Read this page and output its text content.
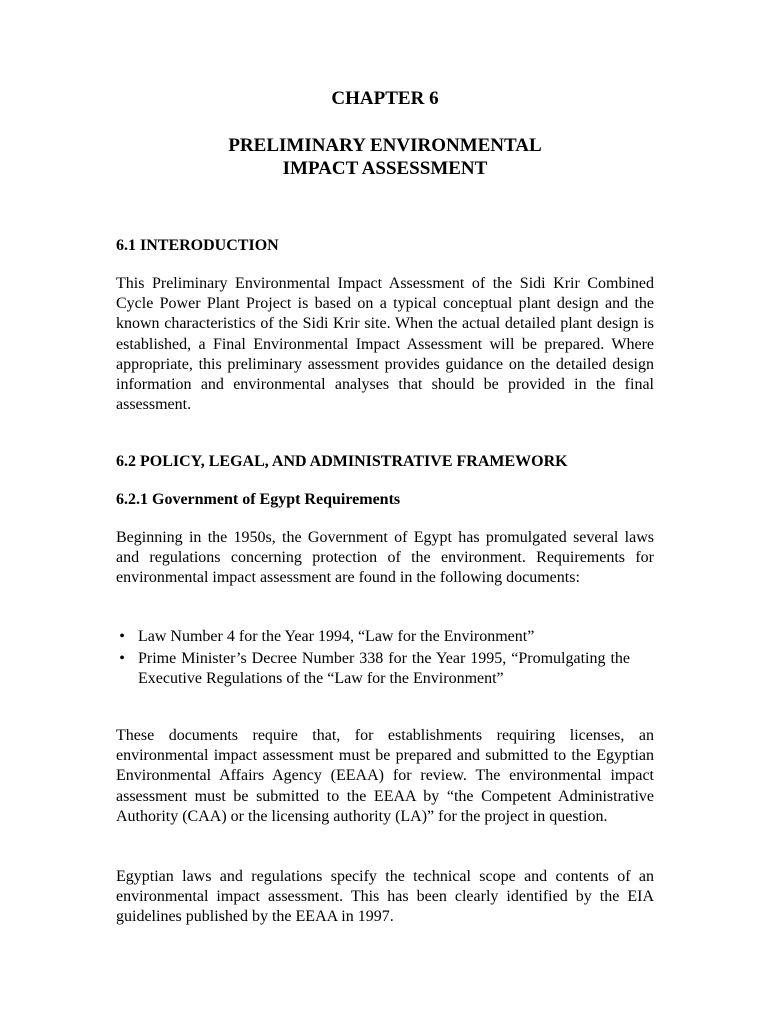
CHAPTER 6
PRELIMINARY ENVIRONMENTAL
IMPACT ASSESSMENT
6.1 INTERODUCTION

This Preliminary Environmental Impact Assessment of the Sidi Krir Combined Cycle Power Plant Project is based on a typical conceptual plant design and the known characteristics of the Sidi Krir site. When the actual detailed plant design is established, a Final Environmental Impact Assessment will be prepared. Where appropriate, this preliminary assessment provides guidance on the detailed design information and environmental analyses that should be provided in the final assessment.

6.2 POLICY, LEGAL, AND ADMINISTRATIVE FRAMEWORK
6.2.1 Government of Egypt Requirements

Beginning in the 1950s, the Government of Egypt has promulgated several laws and regulations concerning protection of the environment. Requirements for environmental impact assessment are found in the following documents:

• Law Number 4 for the Year 1994, “Law for the Environment”
• Prime Minister’s Decree Number 338 for the Year 1995, “Promulgating the Executive Regulations of the “Law for the Environment”

These documents require that, for establishments requiring licenses, an environmental impact assessment must be prepared and submitted to the Egyptian Environmental Affairs Agency (EEAA) for review. The environmental impact assessment must be submitted to the EEAA by “the Competent Administrative Authority (CAA) or the licensing authority (LA)” for the project in question.

Egyptian laws and regulations specify the technical scope and contents of an environmental impact assessment. This has been clearly identified by the EIA guidelines published by the EEAA in 1997.
